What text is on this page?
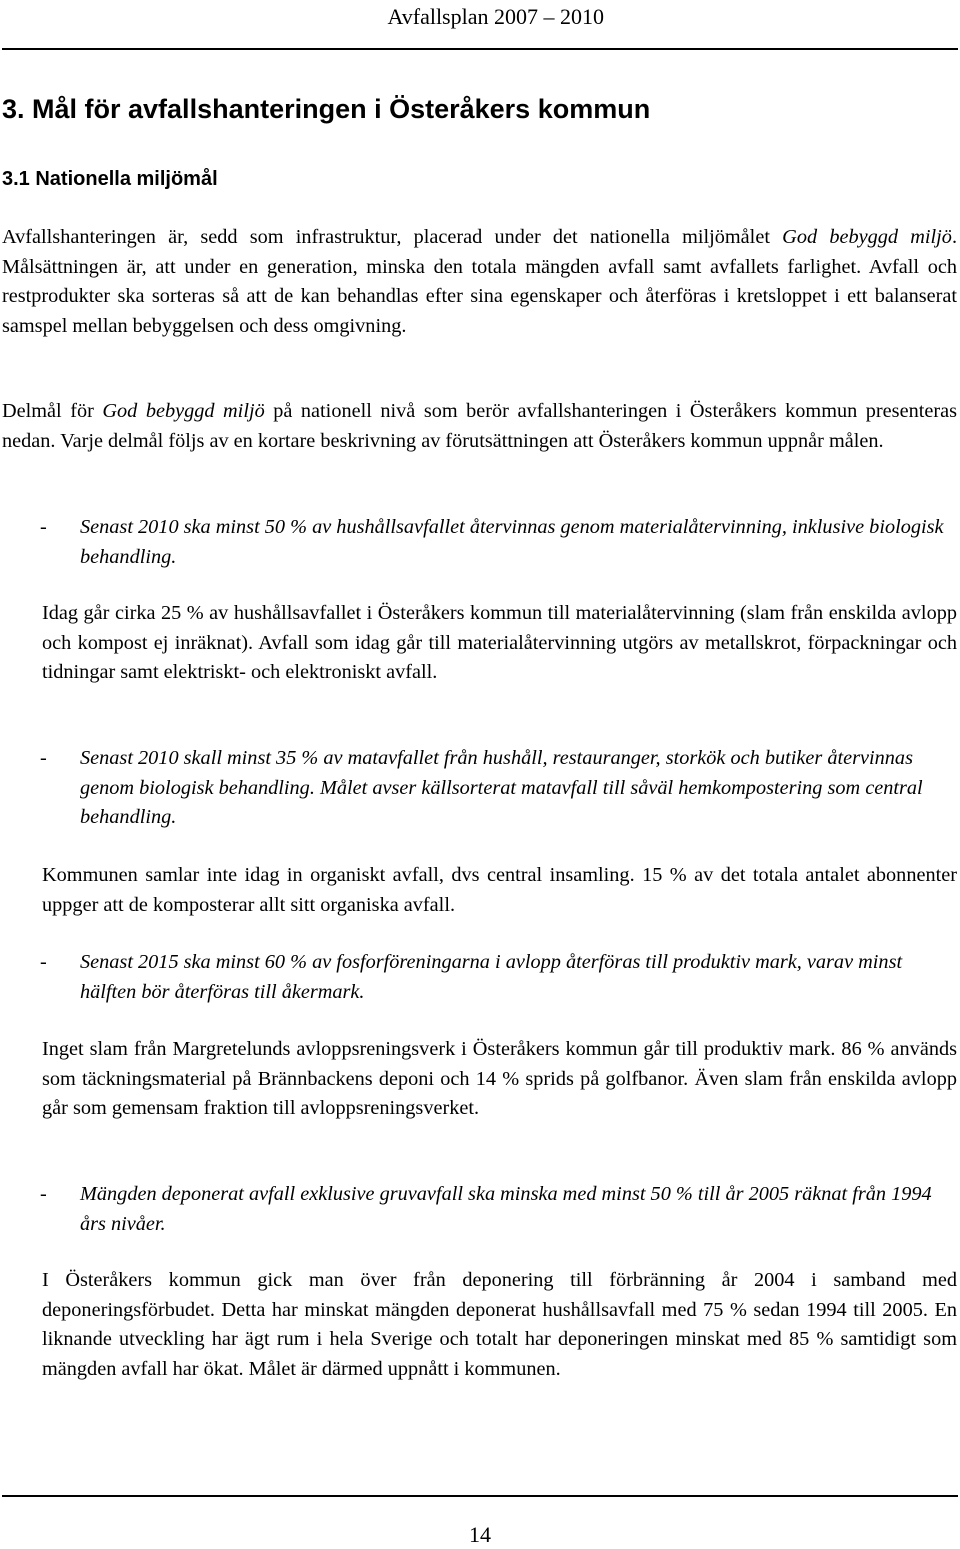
Avfallsplan 2007 – 2010
3. Mål för avfallshanteringen i Österåkers kommun
3.1 Nationella miljömål

Avfallshanteringen är, sedd som infrastruktur, placerad under det nationella miljömålet God bebyggd miljö. Målsättningen är, att under en generation, minska den totala mängden avfall samt avfallets farlighet. Avfall och restprodukter ska sorteras så att de kan behandlas efter sina egenskaper och återföras i kretsloppet i ett balanserat samspel mellan bebyggelsen och dess omgivning.

Delmål för God bebyggd miljö på nationell nivå som berör avfallshanteringen i Österåkers kommun presenteras nedan. Varje delmål följs av en kortare beskrivning av förutsättningen att Österåkers kommun uppnår målen.

- Senast 2010 ska minst 50 % av hushållsavfallet återvinnas genom materialåtervinning, inklusive biologisk behandling.

Idag går cirka 25 % av hushållsavfallet i Österåkers kommun till materialåtervinning (slam från enskilda avlopp och kompost ej inräknat). Avfall som idag går till materialåtervinning utgörs av metallskrot, förpackningar och tidningar samt elektriskt- och elektroniskt avfall.

- Senast 2010 skall minst 35 % av matavfallet från hushåll, restauranger, storkök och butiker återvinnas genom biologisk behandling. Målet avser källsorterat matavfall till såväl hemkompostering som central behandling.

Kommunen samlar inte idag in organiskt avfall, dvs central insamling. 15 % av det totala antalet abonnenter uppger att de komposterar allt sitt organiska avfall.

- Senast 2015 ska minst 60 % av fosforföreningarna i avlopp återföras till produktiv mark, varav minst hälften bör återföras till åkermark.

Inget slam från Margretelunds avloppsreningsverk i Österåkers kommun går till produktiv mark. 86 % används som täckningsmaterial på Brännbackens deponi och 14 % sprids på golfbanor. Även slam från enskilda avlopp går som gemensam fraktion till avloppsreningsverket.

- Mängden deponerat avfall exklusive gruvavfall ska minska med minst 50 % till år 2005 räknat från 1994 års nivåer.

I Österåkers kommun gick man över från deponering till förbränning år 2004 i samband med deponeringsförbudet. Detta har minskat mängden deponerat hushållsavfall med 75 % sedan 1994 till 2005. En liknande utveckling har ägt rum i hela Sverige och totalt har deponeringen minskat med 85 % samtidigt som mängden avfall har ökat. Målet är därmed uppnått i kommunen.

14
